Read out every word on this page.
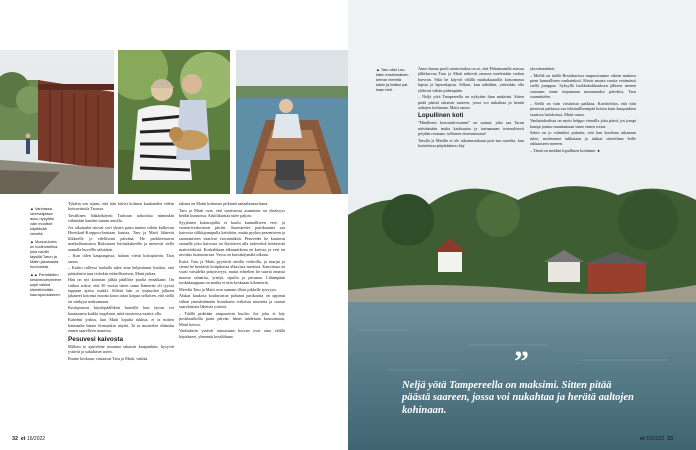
▲ Vanhassa veneviajassa asuu nykyään vain moottori käyttävää veneitä.

▲ Moona-koira on kodinvahtina, joka nauttii täysillä Tarun ja Matin jakamasta huomiosta.

▲▲ Perintäiden keskimoottorivene sopii vaikka kiireettömään kaurapurolaiseen.

Tykätin sen sijaan, että hän kävisi kolmen kuukauden välein kotiravintola Tarussa.

Tavallinen lääkärikäynti Turkuun tarkoittaa niiminkin vähintään kauden tunnin autolla.

Jos aikataulat sitovat sovi yksiin parin tunnin välein kulkevan Hoetskarl-Korppoo-lauttaan kanssa, Taru ja Matti lähtevät liikkeelle jo edellisenä päivänä. He parkkeeraavat markalhuassinsa Rukoaisen leirintäalueelle ja menevät siellä aamulla huvellla saloalaisi.

– Kun ollen kaupungissa, haluan viettä kokopäivän, Taru sanoo.

– Koitto tullessa laahalla tulee aina helpottunut houkas, että päästäisiin taas reitiskin retkeilleseisen, Matti jatkaa.

Hän on nyt koronan jälkiä päällitse puolta ennalkaan. On vaikea sokoa, että 30 vuotta sitten sama Itämeren oli tyyssä toppaan ajettu osakki. Silloin hän oi työpuolen jälkeen jakaneet kotonsa moona koira ottaa kotpaa sellaisen, että siellä on sänkyyn maksamaan.

Kriisiputoon käyttöpäällikön harteille kun taysin vei kaaasaansa kaikki ongelmat, mitä taustoissa saattoi olla.

Kahelmi joskus, kun Matti lopulta tukkua, ei ta mitten harmaalta hänen ilomaiskin näyttä. Ta ru muistelee elämään ennen saarelleen muuttoa.

Pesuvesi kaivosta

Milloin te ajattelette muuttaa takaisin kaupunkiin, kysyvät ystävät ja sukulaiset usein.

Emme koskaan, vastaavat Taru ja Matti, vaikka

takana on Matin kokemas pitkäntä saitaalaanaa-kana.

Taru ja Matti ovat, että saaristossa asuminen on yhtäisyys heidät kunnossa. Arkiliikuntaa tulee paljon.

Syyjäinen kalasrajallia ei kuulu kunnalliseen vesi- ja viemäriverkostoon piiriin. Saareaeeles partikuantia saa kaivosta silikkipumpulla keittiöön, mutta pyykin pesemiseen ja saunomiseen vaarivat vaivannäköä. Pesuvedet he kantavat saunalle joko kaivosta tai läytöisten alla sadevetttä keräävistä maitotörkistä. Koskahkaan alkuaaaikona on kuivaa, ja vesi on arvokas luonnonvara. Vessa on kuivakäymälä ulkona.

Kaisa Taru ja Matti pyytävät omilla verkoilla, ja marjat ja sienet he keräävät kotipihassa alkavista metsistä. Kauvimaa on vaasi vaisidelta pinsrisivyyi, mutta ediselten he saavat omasta maasta salaattia, yrttejä, sipulia ja perunaa. Lähimpään ruokakauppaan on matka ei niin koskaaan kilometriä.

Mereltä Taru ja Matti ovat aamuin illoin pikkelle työyyyn.

Alukai kaukosa koulurustoa pahanut parikaasta on oppinut vähan ymmärtämään lisaarkarin erikoista murretta ja saanut saarelaisista läheisiä ystäviä.

– Täällä pidetään naapureista huolta. Jos joku ei käy postilaatikolla parin päivän, hänet tahdetaan kanssamaan, Matti kertoo.

Vanhuksiin ystävät ainoastaan hoivan ovat aina välillä käyttäneet, ylemmät kesälöhaan.

▲ Taru näki Loo-kärin ensimmäisen kerran mereltä käsin ja lisäksi pal-kaan heti.

Aimo huono puoli asentoiraksa on se, että Pirkanmaalla asuvaa jälkikarvaa Taru ja Matti näkevät omassa mielestään turhan harvoin. Sikä he käyvät välillä matkakuatoilla katsomassa lapsia ja lapsenlapsia. Silloin, kun nähdään, yrittetään olla yhdessä vähän pidempään.

– Neljä yötä Tampereella on nykyään ihan maksimi. Sitten pitää päästä takaisin saareen, jossa voi nukahtaa ja herätä aaltojen kohinaan, Matti sanoo.

Lopullinen koti

”Hindlinen kerrostalossamm” on saanut, joka saa Tarun näivätmään maka kauhuutaa ja tarinamaan teatraalisesti pöydän reunaan: sellaisen ettemmissaaa!

Tarulla ja Matilla ei ole aikomustakaan pois-tua saarelta, kun kotitalossa pärjätääntoo käy

yksvimaemkei.

– Meillä on täällä Houtskarissa naapurissanne oikein mukava pieni kunnallinen vanhainkoti. Kävin monta vuotta vetämässä siellä jumppaa. Syksyllä luokkakokkauksen jälkeen menen varmaan sinne toipumaan muutamaksi päiväksi, Taru suunnittelee.

– Siellä on vain viisitoista paikkaa. Kuvittelisin, että niin pienessä paikassa saa tehtimillisempää hoitoa kuin kaupunkien suurissa laitoksissa, Matti sanoo.

Vanhainkodissa on myös helppo vierailla joka päivä, jos jompi kumpi joutuu muuttamaan sinne ennen toista.

Sekin on jo valmiiksi puhuttu, että kun kuolema aikanaan tulee, molemmat tuhkataan ja tuhkat sirotellaan Ieille rakkaaseen mereen.

– Tämä on meidän lopullinen kotimme. ●

”
Neljä yötä Tampereella on maksimi. Sitten pitää päästä saareen, jossa voi nukahtaa ja herätä aaltojen kohinaan.
32 et 16/2022	et 16/2022 33
